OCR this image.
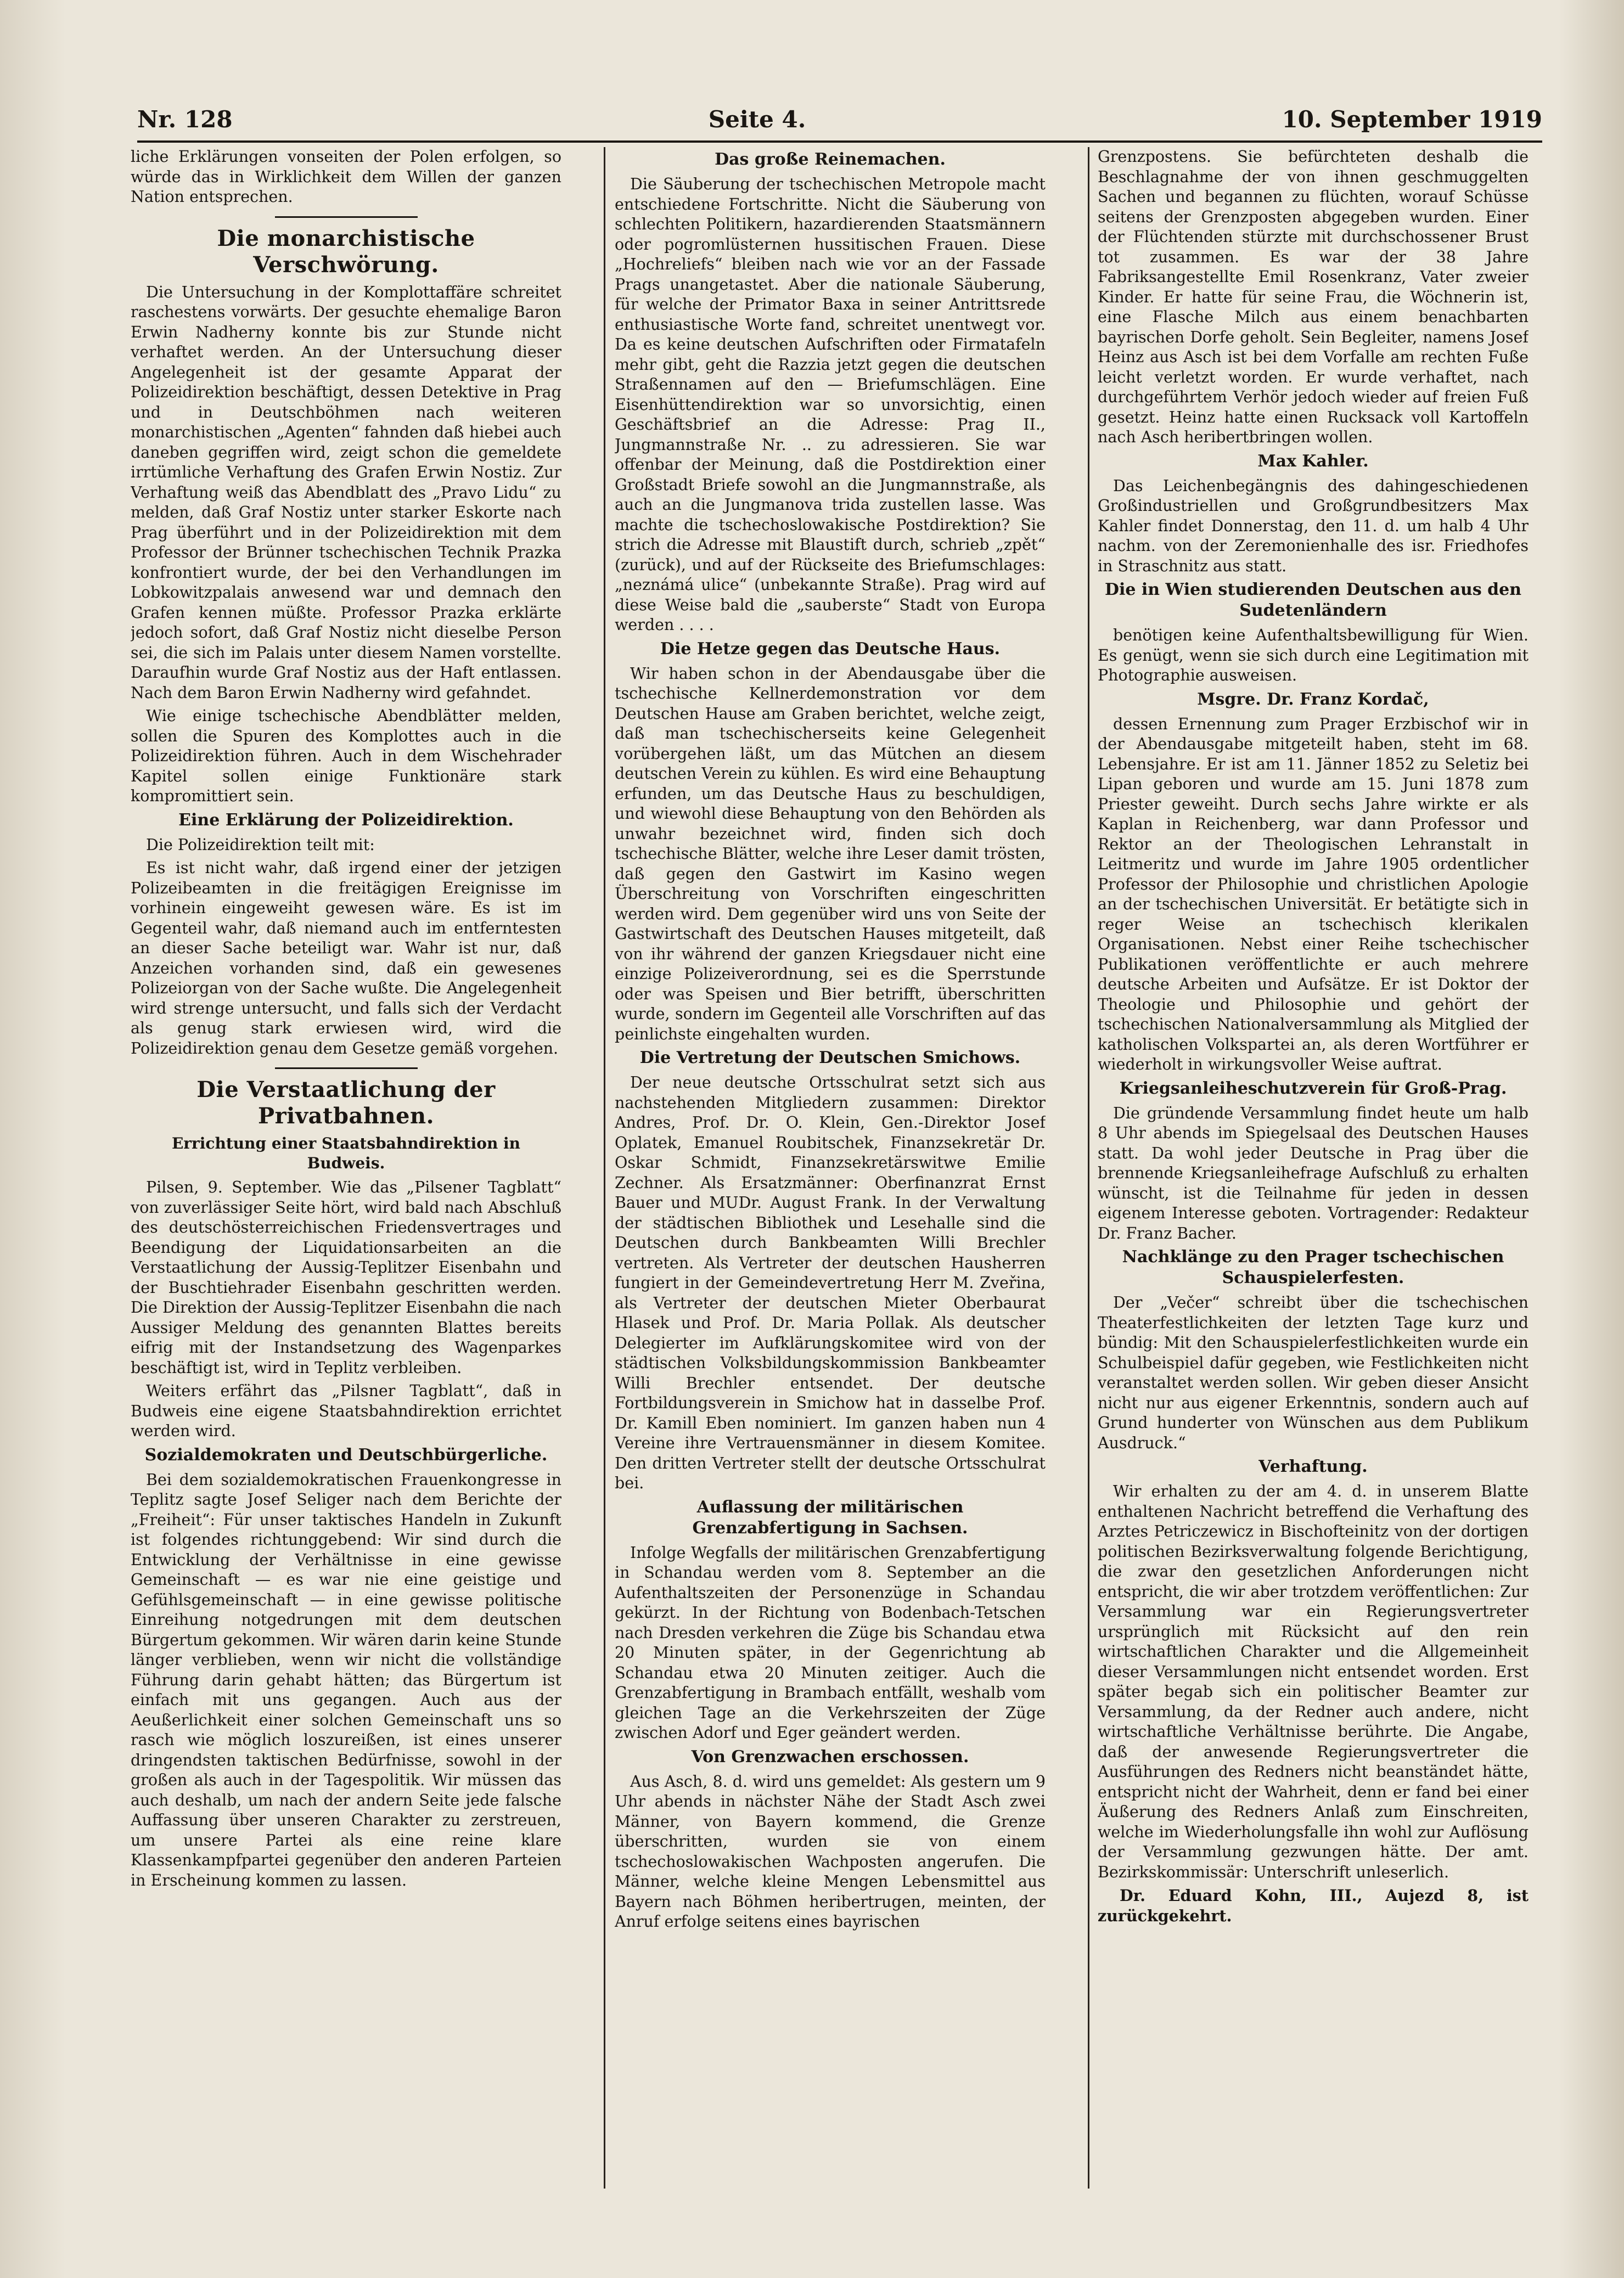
Nr. 128	Seite 4.	10. September 1919

liche Erklärungen vonseiten der Polen erfolgen, so würde das in Wirklichkeit dem Willen der ganzen Nation entsprechen.

Die monarchistische Verschwörung.

Die Untersuchung in der Komplottaffäre schreitet raschestens vorwärts. Der gesuchte ehemalige Baron Erwin Nadherny konnte bis zur Stunde nicht verhaftet werden. An der Untersuchung dieser Angelegenheit ist der gesamte Apparat der Polizeidirektion beschäftigt, dessen Detektive in Prag und in Deutschböhmen nach weiteren monarchistischen „Agenten“ fahnden daß hiebei auch daneben gegriffen wird, zeigt schon die gemeldete irrtümliche Verhaftung des Grafen Erwin Nostiz. Zur Verhaftung weiß das Abendblatt des „Pravo Lidu“ zu melden, daß Graf Nostiz unter starker Eskorte nach Prag überführt und in der Polizeidirektion mit dem Professor der Brünner tschechischen Technik Prazka konfrontiert wurde, der bei den Verhandlungen im Lobkowitzpalais anwesend war und demnach den Grafen kennen müßte. Professor Prazka erklärte jedoch sofort, daß Graf Nostiz nicht dieselbe Person sei, die sich im Palais unter diesem Namen vorstellte. Daraufhin wurde Graf Nostiz aus der Haft entlassen. Nach dem Baron Erwin Nadherny wird gefahndet.

Wie einige tschechische Abendblätter melden, sollen die Spuren des Komplottes auch in die Polizeidirektion führen. Auch in dem Wischehrader Kapitel sollen einige Funktionäre stark kompromittiert sein.

Eine Erklärung der Polizeidirektion.

Die Polizeidirektion teilt mit:

Es ist nicht wahr, daß irgend einer der jetzigen Polizeibeamten in die freitägigen Ereignisse im vorhinein eingeweiht gewesen wäre. Es ist im Gegenteil wahr, daß niemand auch im entferntesten an dieser Sache beteiligt war. Wahr ist nur, daß Anzeichen vorhanden sind, daß ein gewesenes Polizeiorgan von der Sache wußte. Die Angelegenheit wird strenge untersucht, und falls sich der Verdacht als genug stark erwiesen wird, wird die Polizeidirektion genau dem Gesetze gemäß vorgehen.

Die Verstaatlichung der Privatbahnen.
Errichtung einer Staatsbahndirektion in Budweis.

Pilsen, 9. September. Wie das „Pilsener Tagblatt“ von zuverlässiger Seite hört, wird bald nach Abschluß des deutschösterreichischen Friedensvertrages und Beendigung der Liquidationsarbeiten an die Verstaatlichung der Aussig-Teplitzer Eisenbahn und der Buschtiehrader Eisenbahn geschritten werden. Die Direktion der Aussig-Teplitzer Eisenbahn die nach Aussiger Meldung des genannten Blattes bereits eifrig mit der Instandsetzung des Wagenparkes beschäftigt ist, wird in Teplitz verbleiben.

Weiters erfährt das „Pilsner Tagblatt“, daß in Budweis eine eigene Staatsbahndirektion errichtet werden wird.

Sozialdemokraten und Deutschbürgerliche.

Bei dem sozialdemokratischen Frauenkongresse in Teplitz sagte Josef Seliger nach dem Berichte der „Freiheit“: Für unser taktisches Handeln in Zukunft ist folgendes richtunggebend: Wir sind durch die Entwicklung der Verhältnisse in eine gewisse Gemeinschaft — es war nie eine geistige und Gefühlsgemeinschaft — in eine gewisse politische Einreihung notgedrungen mit dem deutschen Bürgertum gekommen. Wir wären darin keine Stunde länger verblieben, wenn wir nicht die vollständige Führung darin gehabt hätten; das Bürgertum ist einfach mit uns gegangen. Auch aus der Aeußerlichkeit einer solchen Gemeinschaft uns so rasch wie möglich loszureißen, ist eines unserer dringendsten taktischen Bedürfnisse, sowohl in der großen als auch in der Tagespolitik. Wir müssen das auch deshalb, um nach der andern Seite jede falsche Auffassung über unseren Charakter zu zerstreuen, um unsere Partei als eine reine klare Klassenkampfpartei gegenüber den anderen Parteien in Erscheinung kommen zu lassen.

Das große Reinemachen.

Die Säuberung der tschechischen Metropole macht entschiedene Fortschritte. Nicht die Säuberung von schlechten Politikern, hazardierenden Staatsmännern oder pogromlüsternen hussitischen Frauen. Diese „Hochreliefs“ bleiben nach wie vor an der Fassade Prags unangetastet. Aber die nationale Säuberung, für welche der Primator Baxa in seiner Antrittsrede enthusiastische Worte fand, schreitet unentwegt vor. Da es keine deutschen Aufschriften oder Firmatafeln mehr gibt, geht die Razzia jetzt gegen die deutschen Straßennamen auf den — Briefumschlägen. Eine Eisenhüttendirektion war so unvorsichtig, einen Geschäftsbrief an die Adresse: Prag II., Jungmannstraße Nr. .. zu adressieren. Sie war offenbar der Meinung, daß die Postdirektion einer Großstadt Briefe sowohl an die Jungmannstraße, als auch an die Jungmanova trida zustellen lasse. Was machte die tschechoslowakische Postdirektion? Sie strich die Adresse mit Blaustift durch, schrieb „zpět“ (zurück), und auf der Rückseite des Briefumschlages: „neznámá ulice“ (unbekannte Straße). Prag wird auf diese Weise bald die „sauberste“ Stadt von Europa werden . . . .

Die Hetze gegen das Deutsche Haus.

Wir haben schon in der Abendausgabe über die tschechische Kellnerdemonstration vor dem Deutschen Hause am Graben berichtet, welche zeigt, daß man tschechischerseits keine Gelegenheit vorübergehen läßt, um das Mütchen an diesem deutschen Verein zu kühlen. Es wird eine Behauptung erfunden, um das Deutsche Haus zu beschuldigen, und wiewohl diese Behauptung von den Behörden als unwahr bezeichnet wird, finden sich doch tschechische Blätter, welche ihre Leser damit trösten, daß gegen den Gastwirt im Kasino wegen Überschreitung von Vorschriften eingeschritten werden wird. Dem gegenüber wird uns von Seite der Gastwirtschaft des Deutschen Hauses mitgeteilt, daß von ihr während der ganzen Kriegsdauer nicht eine einzige Polizeiverordnung, sei es die Sperrstunde oder was Speisen und Bier betrifft, überschritten wurde, sondern im Gegenteil alle Vorschriften auf das peinlichste eingehalten wurden.

Die Vertretung der Deutschen Smichows.

Der neue deutsche Ortsschulrat setzt sich aus nachstehenden Mitgliedern zusammen: Direktor Andres, Prof. Dr. O. Klein, Gen.-Direktor Josef Oplatek, Emanuel Roubitschek, Finanzsekretär Dr. Oskar Schmidt, Finanzsekretärswitwe Emilie Zechner. Als Ersatzmänner: Oberfinanzrat Ernst Bauer und MUDr. August Frank. In der Verwaltung der städtischen Bibliothek und Lesehalle sind die Deutschen durch Bankbeamten Willi Brechler vertreten. Als Vertreter der deutschen Hausherren fungiert in der Gemeindevertretung Herr M. Zveřina, als Vertreter der deutschen Mieter Oberbaurat Hlasek und Prof. Dr. Maria Pollak. Als deutscher Delegierter im Aufklärungskomitee wird von der städtischen Volksbildungskommission Bankbeamter Willi Brechler entsendet. Der deutsche Fortbildungsverein in Smichow hat in dasselbe Prof. Dr. Kamill Eben nominiert. Im ganzen haben nun 4 Vereine ihre Vertrauensmänner in diesem Komitee. Den dritten Vertreter stellt der deutsche Ortsschulrat bei.

Auflassung der militärischen Grenzabfertigung in Sachsen.

Infolge Wegfalls der militärischen Grenzabfertigung in Schandau werden vom 8. September an die Aufenthaltszeiten der Personenzüge in Schandau gekürzt. In der Richtung von Bodenbach-Tetschen nach Dresden verkehren die Züge bis Schandau etwa 20 Minuten später, in der Gegenrichtung ab Schandau etwa 20 Minuten zeitiger. Auch die Grenzabfertigung in Brambach entfällt, weshalb vom gleichen Tage an die Verkehrszeiten der Züge zwischen Adorf und Eger geändert werden.

Von Grenzwachen erschossen.

Aus Asch, 8. d. wird uns gemeldet: Als gestern um 9 Uhr abends in nächster Nähe der Stadt Asch zwei Männer, von Bayern kommend, die Grenze überschritten, wurden sie von einem tschechoslowakischen Wachposten angerufen. Die Männer, welche kleine Mengen Lebensmittel aus Bayern nach Böhmen heribertrugen, meinten, der Anruf erfolge seitens eines bayrischen

Grenzpostens. Sie befürchteten deshalb die Beschlagnahme der von ihnen geschmuggelten Sachen und begannen zu flüchten, worauf Schüsse seitens der Grenzposten abgegeben wurden. Einer der Flüchtenden stürzte mit durchschossener Brust tot zusammen. Es war der 38 Jahre Fabriksangestellte Emil Rosenkranz, Vater zweier Kinder. Er hatte für seine Frau, die Wöchnerin ist, eine Flasche Milch aus einem benachbarten bayrischen Dorfe geholt. Sein Begleiter, namens Josef Heinz aus Asch ist bei dem Vorfalle am rechten Fuße leicht verletzt worden. Er wurde verhaftet, nach durchgeführtem Verhör jedoch wieder auf freien Fuß gesetzt. Heinz hatte einen Rucksack voll Kartoffeln nach Asch heribertbringen wollen.

Max Kahler.

Das Leichenbegängnis des dahingeschiedenen Großindustriellen und Großgrundbesitzers Max Kahler findet Donnerstag, den 11. d. um halb 4 Uhr nachm. von der Zeremonienhalle des isr. Friedhofes in Straschnitz aus statt.

Die in Wien studierenden Deutschen aus den Sudetenländern

benötigen keine Aufenthaltsbewilligung für Wien. Es genügt, wenn sie sich durch eine Legitimation mit Photographie ausweisen.

Msgre. Dr. Franz Kordač,

dessen Ernennung zum Prager Erzbischof wir in der Abendausgabe mitgeteilt haben, steht im 68. Lebensjahre. Er ist am 11. Jänner 1852 zu Seletiz bei Lipan geboren und wurde am 15. Juni 1878 zum Priester geweiht. Durch sechs Jahre wirkte er als Kaplan in Reichenberg, war dann Professor und Rektor an der Theologischen Lehranstalt in Leitmeritz und wurde im Jahre 1905 ordentlicher Professor der Philosophie und christlichen Apologie an der tschechischen Universität. Er betätigte sich in reger Weise an tschechisch klerikalen Organisationen. Nebst einer Reihe tschechischer Publikationen veröffentlichte er auch mehrere deutsche Arbeiten und Aufsätze. Er ist Doktor der Theologie und Philosophie und gehört der tschechischen Nationalversammlung als Mitglied der katholischen Volkspartei an, als deren Wortführer er wiederholt in wirkungsvoller Weise auftrat.

Kriegsanleiheschutzverein für Groß-Prag.

Die gründende Versammlung findet heute um halb 8 Uhr abends im Spiegelsaal des Deutschen Hauses statt. Da wohl jeder Deutsche in Prag über die brennende Kriegsanleihefrage Aufschluß zu erhalten wünscht, ist die Teilnahme für jeden in dessen eigenem Interesse geboten. Vortragender: Redakteur Dr. Franz Bacher.

Nachklänge zu den Prager tschechischen Schauspielerfesten.

Der „Večer“ schreibt über die tschechischen Theaterfestlichkeiten der letzten Tage kurz und bündig: Mit den Schauspielerfestlichkeiten wurde ein Schulbeispiel dafür gegeben, wie Festlichkeiten nicht veranstaltet werden sollen. Wir geben dieser Ansicht nicht nur aus eigener Erkenntnis, sondern auch auf Grund hunderter von Wünschen aus dem Publikum Ausdruck.“

Verhaftung.

Wir erhalten zu der am 4. d. in unserem Blatte enthaltenen Nachricht betreffend die Verhaftung des Arztes Petriczewicz in Bischofteinitz von der dortigen politischen Bezirksverwaltung folgende Berichtigung, die zwar den gesetzlichen Anforderungen nicht entspricht, die wir aber trotzdem veröffentlichen: Zur Versammlung war ein Regierungsvertreter ursprünglich mit Rücksicht auf den rein wirtschaftlichen Charakter und die Allgemeinheit dieser Versammlungen nicht entsendet worden. Erst später begab sich ein politischer Beamter zur Versammlung, da der Redner auch andere, nicht wirtschaftliche Verhältnisse berührte. Die Angabe, daß der anwesende Regierungsvertreter die Ausführungen des Redners nicht beanständet hätte, entspricht nicht der Wahrheit, denn er fand bei einer Äußerung des Redners Anlaß zum Einschreiten, welche im Wiederholungsfalle ihn wohl zur Auflösung der Versammlung gezwungen hätte. Der amt. Bezirkskommissär: Unterschrift unleserlich.

Dr. Eduard Kohn, III., Aujezd 8, ist zurückgekehrt.
